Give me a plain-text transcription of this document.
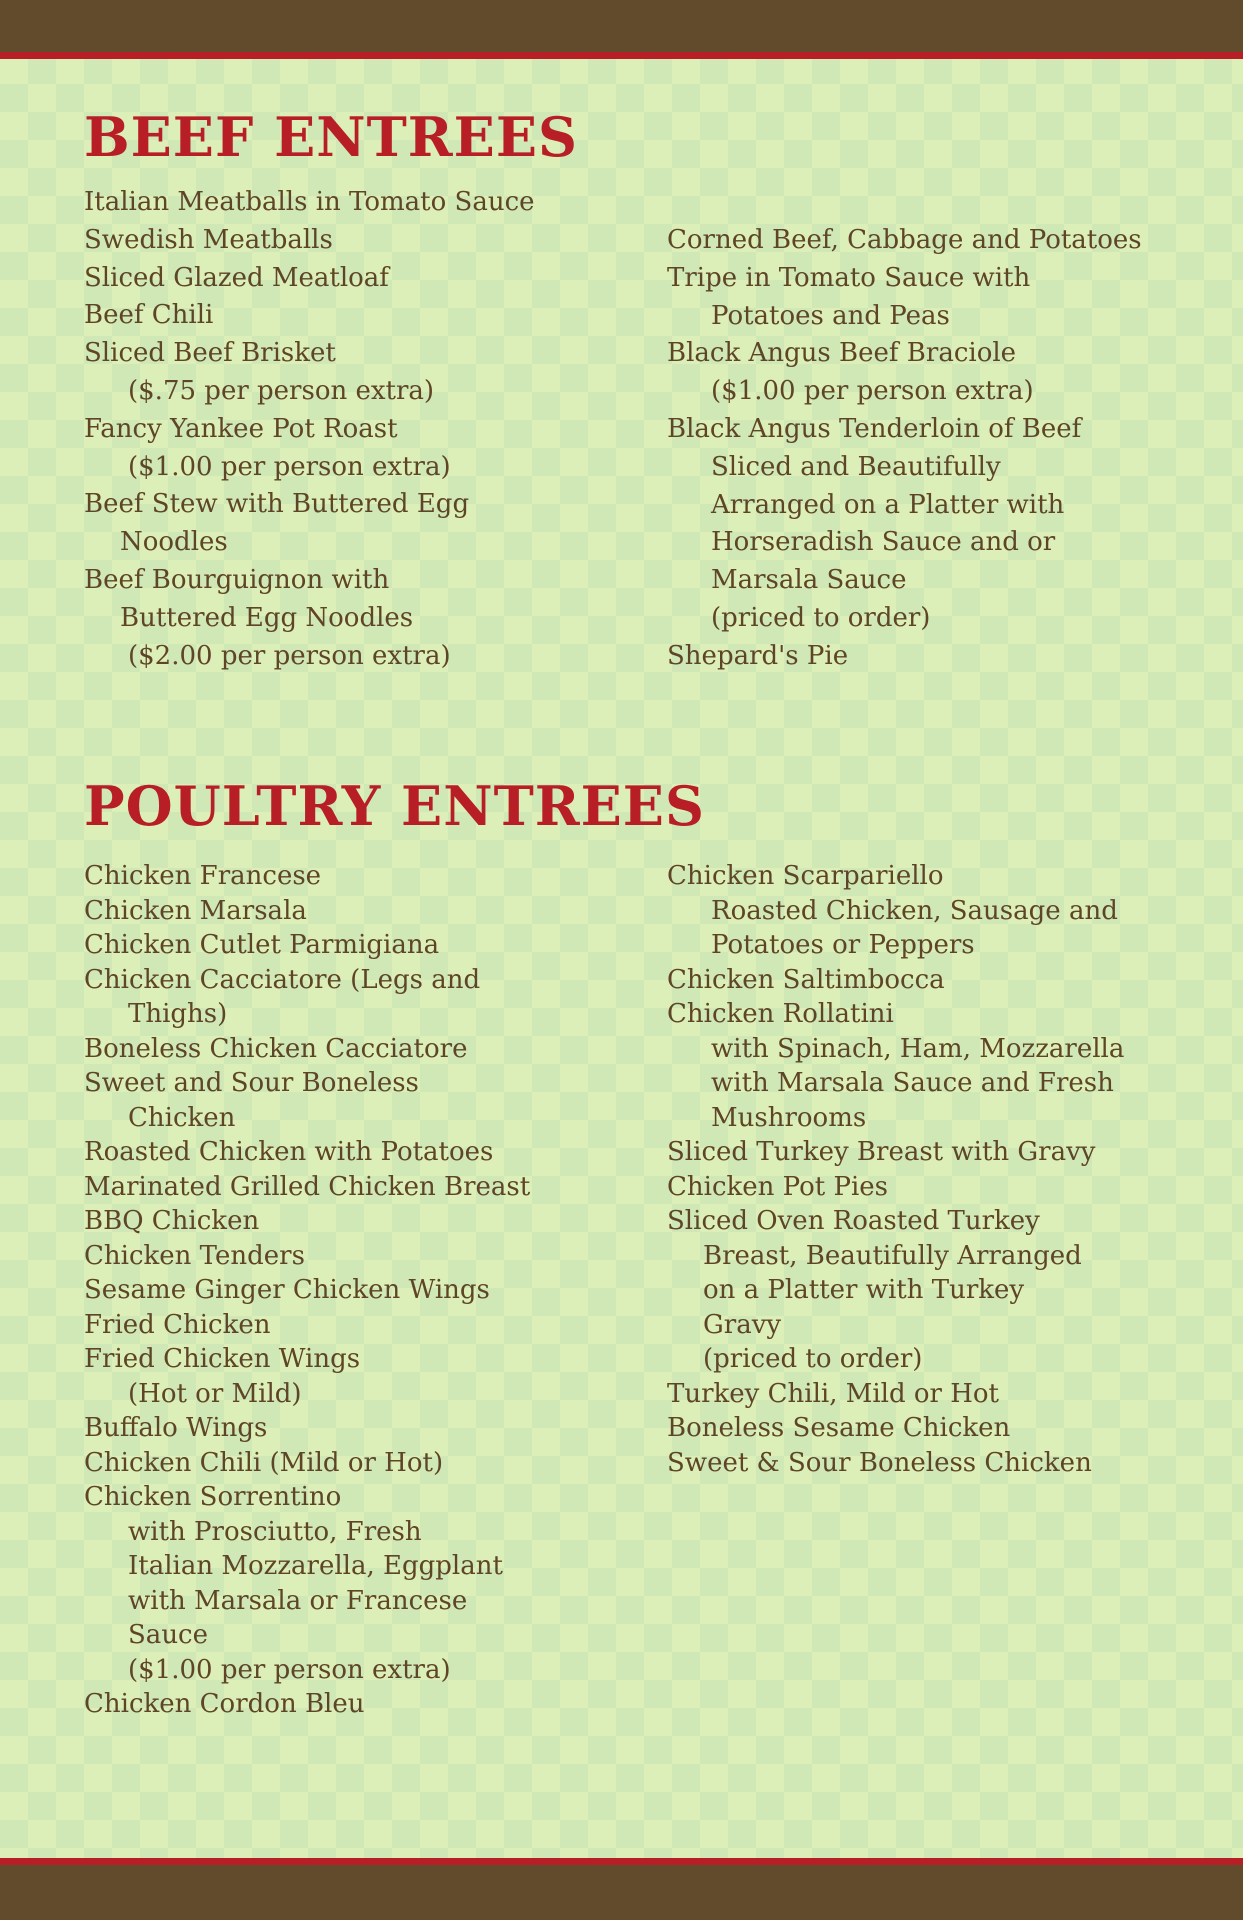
BEEF ENTREES
Italian Meatballs in Tomato Sauce
Swedish Meatballs
Sliced Glazed Meatloaf
Beef Chili
Sliced Beef Brisket
($.75 per person extra)
Fancy Yankee Pot Roast
($1.00 per person extra)
Beef Stew with Buttered Egg
Noodles
Beef Bourguignon with
Buttered Egg Noodles
($2.00 per person extra)
Corned Beef, Cabbage and Potatoes
Tripe in Tomato Sauce with
Potatoes and Peas
Black Angus Beef Braciole
($1.00 per person extra)
Black Angus Tenderloin of Beef
Sliced and Beautifully
Arranged on a Platter with
Horseradish Sauce and or
Marsala Sauce
(priced to order)
Shepard's Pie
POULTRY ENTREES
Chicken Francese
Chicken Marsala
Chicken Cutlet Parmigiana
Chicken Cacciatore (Legs and
Thighs)
Boneless Chicken Cacciatore
Sweet and Sour Boneless
Chicken
Roasted Chicken with Potatoes
Marinated Grilled Chicken Breast
BBQ Chicken
Chicken Tenders
Sesame Ginger Chicken Wings
Fried Chicken
Fried Chicken Wings
(Hot or Mild)
Buffalo Wings
Chicken Chili (Mild or Hot)
Chicken Sorrentino
with Prosciutto, Fresh
Italian Mozzarella, Eggplant
with Marsala or Francese
Sauce
($1.00 per person extra)
Chicken Cordon Bleu
Chicken Scarpariello
Roasted Chicken, Sausage and
Potatoes or Peppers
Chicken Saltimbocca
Chicken Rollatini
with Spinach, Ham, Mozzarella
with Marsala Sauce and Fresh
Mushrooms
Sliced Turkey Breast with Gravy
Chicken Pot Pies
Sliced Oven Roasted Turkey
Breast, Beautifully Arranged
on a Platter with Turkey
Gravy
(priced to order)
Turkey Chili, Mild or Hot
Boneless Sesame Chicken
Sweet & Sour Boneless Chicken
